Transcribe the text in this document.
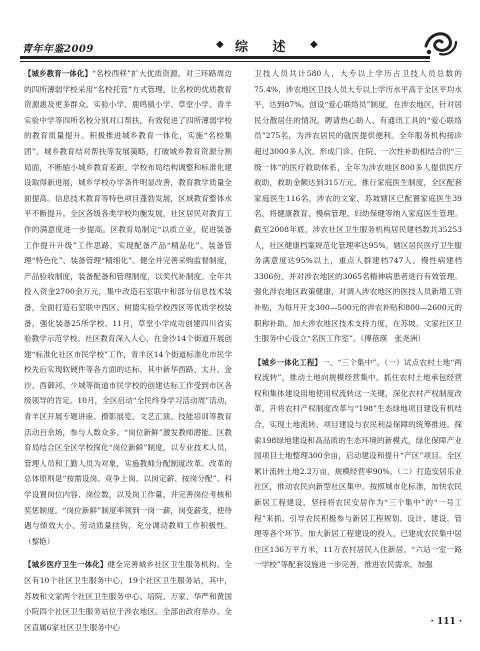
青年年鉴2009	◆ 综 述 ◆

【城乡教育一体化】“名校西移”扩大优质资源。对三环路周边的四所薄弱学校采用“名校托管”方式管理，让名校的优质教育资源惠及更多群众。实验小学、鹿鸣镇小学、草堂小学、青羊实验中学等四所名校分别对口帮扶，有效促进了四所薄弱学校的教育质量提升。积极推进城乡教育一体化，实施“名校集团”、城乡教育结对帮扶等发展策略，打破城乡教育资源分割局面，不断缩小城乡教育差距。学校布局结构调整和标准化建设取得新进展，城乡学校办学条件明显改善，教育教学质量全面提高。信息技术教育等特色项目蓬勃发展，区域教育整体水平不断提升。全区各级各类学校均衡发展，社区居民对教育工作的满意度进一步提高。区教育局制定“以质立业，促进装备工作提升升级”工作思路，实现配备产品“精品化”、装备管理“特色化”、装备管理“精细化”。健全并完善采购监督制度，产品验收制度，装备配备和管理制度，以奖代补制度。全年共投入资金2700余万元，集中改造石室联中和部分信息技术装备，全面打造石室联中西区、树德实验学校西区等优质学校装备，强化装备25所学校。11月，草堂小学成功创建四川省实验教学示范学校。社区教育深入人心，在金沙14个街道开展创建“标准化社区市民学校”工作，青羊区14个街道标准化市民学校先后实现软硬件等各方面的达标，其中新华西路、太升、金沙、西御河、少城等街道市民学校的创建达标工作受到市区各级领导的肯定。10月，全区启动“全民终身学习活动周”活动，青羊区开展专题讲座、摄影展览、文艺汇演、技能培训等教育活动百余场，参与人数众多。“岗位新鲜”激发教师潜能。区教育局结合区全区学校探化“岗位新鲜”制度，以专业技术人员，管理人员和工勤人员为对象，实施教师分配制度改革。改革的总体原则是“按需设岗、竞争上岗、以岗定薪、按岗分配”。科学设置岗位内容、岗位数，以及岗工作量，并完善岗位考核和奖惩制度。“岗位新鲜”制度率领到一岗一薪，岗变薪变，使待遇与绩效大小、劳动质量挂钩，充分调动教师工作积极性。（黎艳）

【城乡医疗卫生一体化】健全完善城乡社区卫生服务机构。全区有10个社区卫生服务中心，19个社区卫生服务站，其中，苏坡和文家两个社区卫生服务中心、培院、万家、华严和黄国小院四个社区卫生服务站位于涉农地区。全部由政府举办。全区直属6家社区卫生服务中心

卫技人员共计580人，大专以上学历占卫技人员总数的75.4%，涉农地区卫技人员大专以上学历水平高于全区平均水平，达到87%。创设“爱心联络员”制度，在涉农地区，针对居民分散居住的情况，聘请热心助人、有通讯工具的“爱心联络员”275名，为涉农居民的就医提供便利。全年服务机构接诊超过3000多人次。形成门诊、住院、一次性补助相结合的“三级一体”的医疗救助体系，全年为涉农地区800多人提供医疗救助，救助金额达到315万元。推行家庭医生制度，全区配套家庭医生116名，涉农的文家、苏坡辖区已配置家庭医生39名，将健康教育、慢病管理、妇幼保健等纳入家庭医生管理。截至2008年底，涉农社区卫生服务机构居民建档数共35253人，社区健康档案规范化管理率达95%，辖区居民医疗卫生服务满意度达95%以上，重点人群建档747人。慢性病建档3306份。并对涉农地区的3065名精神病患者进行有效管理。强化涉农地区政策健康，对调入涉农地区的医技人员新增工资补贴，为每月开支300—500元的涉农补贴和800—2600元的职称补助。加大涉农地区技术支持力度，在苏坡、文家社区卫生服务中心设立“名医工作室”。（傅蓓瑛　张尧洲）

【城乡一体化工程】一、“三个集中”。（一）试点农村土地“两权流转”，推动土地向规模经营集中。抓住农村土地承包经营权和集体建设用地使用权流转这一关键，深化农村产权制度改革，开将农村产权制度改革与“198”生态绿地项目建设有机结合，实现土地流转、项目建设与农民利益保障的统筹推进。探索198绿地建设和高品质的生态环境的新模式，绿化保障产业园项目土地整理300余亩，启动建设和提升“产区”项目。全区累计流转土地2.2万亩，规模经营率90%。（二）打造安居乐业社区，推动农民向新型社区集中。按照城市化标准，加快农民新居工程建设，坚持将农民安居作为“三个集中”的“一号工程”来抓。引导农民积极参与新居工程规划、设计、建设、管理等各个环节。加大新居工程建设的投入，已建成农民集中居住区136万平方米，11万农村居民入住新居。“六站一室一路一学校”等配套设施进一步完善，推进农民需求，加强

· 111 ·
